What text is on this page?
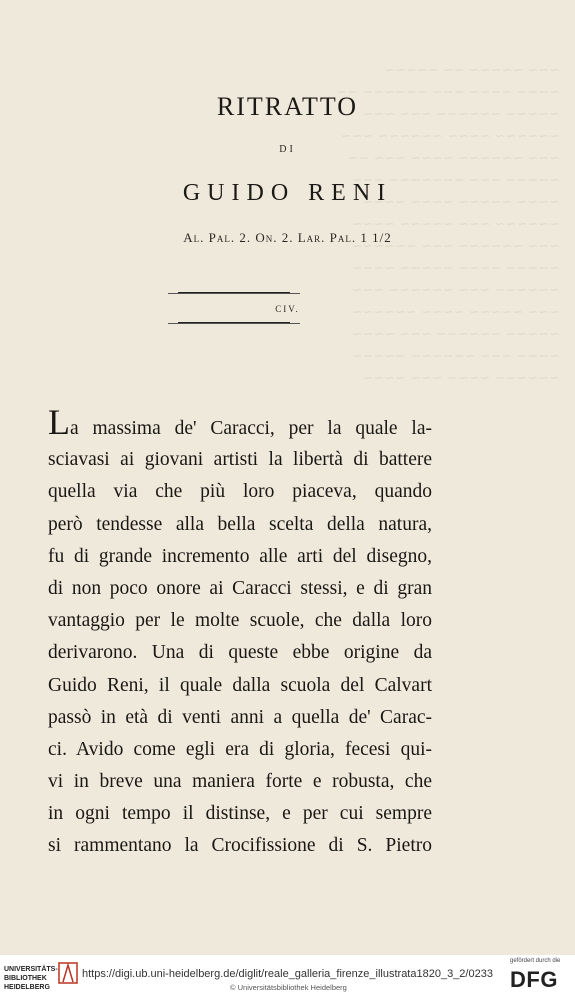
~~~ ~~~~~ ~~ ~~~~~
~~~~ ~~~~ ~~~ ~~~~~~ ~~
~~~~~ ~~~~~~ ~~~ ~~~
~~~~~~ ~~~~ ~~~~~~ ~~~
~~~ ~~~~~~ ~~~~ ~~~ ~~
~~~~~ ~~~ ~~~~~~~ ~~~
~~~~ ~~~~~ ~~~~ ~~~~
~~~~~~ ~~~ ~~~~~ ~~~~
~~~ ~~~~~~ ~~~ ~~~~~~
~~~~~ ~~~~ ~~~~~ ~~~~
~~~~~~ ~~~ ~~~~~~ ~~~
~~~ ~~~~~ ~~~~ ~~~~~~
~~~~~ ~~~~~~ ~~~ ~~~~
~~~~ ~~~ ~~~~~~ ~~~~~
~~~~~~ ~~~~ ~~~ ~~~~
RITRATTO
DI
GUIDO RENI
Al. Pal. 2. On. 2. Lar. Pal. 1 1/2
CIV.
La massima de' Caracci, per la quale la-
sciavasi ai giovani artisti la libertà di battere
quella via che più loro piaceva, quando
però tendesse alla bella scelta della natura,
fu di grande incremento alle arti del disegno,
di non poco onore ai Caracci stessi, e di gran
vantaggio per le molte scuole, che dalla loro
derivarono. Una di queste ebbe origine da
Guido Reni, il quale dalla scuola del Calvart
passò in età di venti anni a quella de' Carac-
ci. Avido come egli era di gloria, fecesi qui-
vi in breve una maniera forte e robusta, che
in ogni tempo il distinse, e per cui sempre
si rammentano la Crocifissione di S. Pietro
UNIVERSITÄTS-
BIBLIOTHEK
HEIDELBERG
https://digi.ub.uni-heidelberg.de/diglit/reale_galleria_firenze_illustrata1820_3_2/0233
© Universitätsbibliothek Heidelberg
gefördert durch die
DFG
